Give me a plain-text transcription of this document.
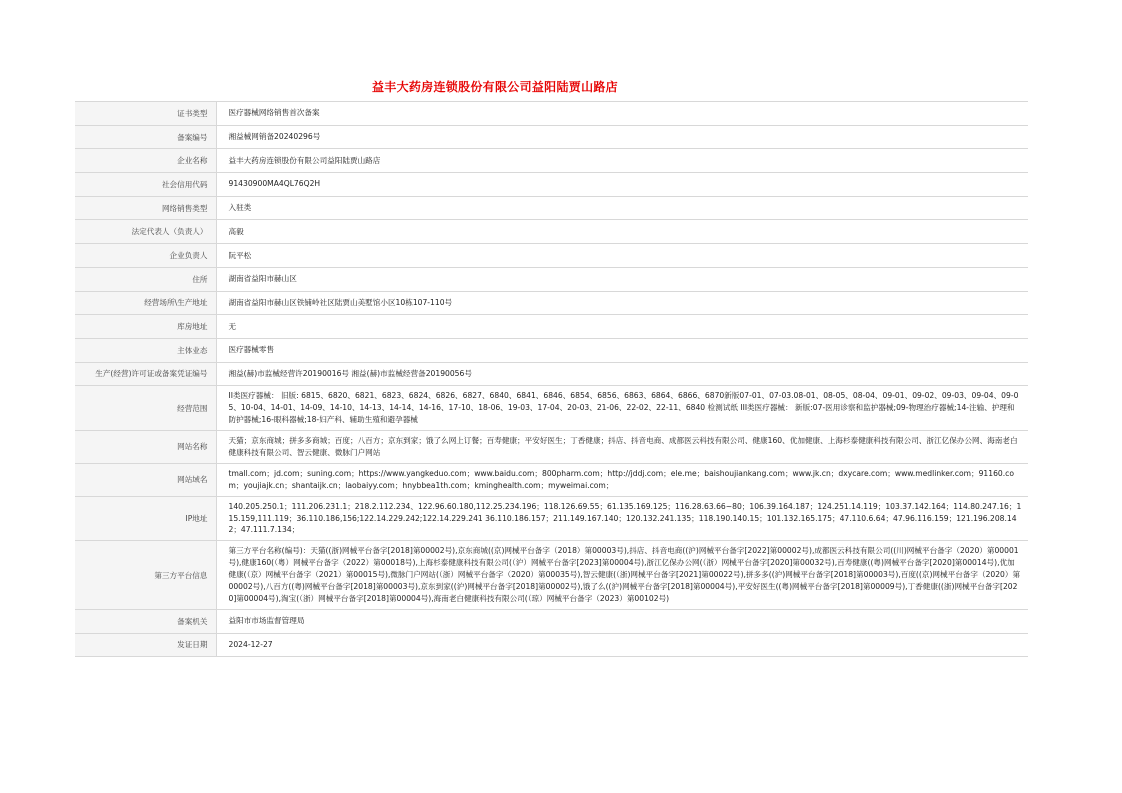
益丰大药房连锁股份有限公司益阳陆贾山路店
证书类型	医疗器械网络销售首次备案
备案编号	湘益械网销备20240296号
企业名称	益丰大药房连锁股份有限公司益阳陆贾山路店
社会信用代码	91430900MA4QL76Q2H
网络销售类型	入驻类
法定代表人（负责人）	高毅
企业负责人	阮平松
住所	湖南省益阳市赫山区
经营场所\生产地址	湖南省益阳市赫山区铁铺岭社区陆贾山美墅馆小区10栋107-110号
库房地址	无
主体业态	医疗器械零售
生产(经营)许可证或备案凭证编号	湘益(赫)市监械经营许20190016号 湘益(赫)市监械经营备20190056号
经营范围	II类医疗器械： 旧版: 6815、6820、6821、6823、6824、6826、6827、6840、6841、6846、6854、6856、6863、6864、6866、6870新版07-01、07-03.08-01、08-05、08-04、09-01、09-02、09-03、09-04、09-05、10-04、14-01、14-09、14-10、14-13、14-14、14-16、17-10、18-06、19-03、17-04、20-03、21-06、22-02、22-11、6840 检测试纸 III类医疗器械： 新版:07-医用诊察和监护器械;09-物理治疗器械;14-注输、护理和防护器械;16-眼科器械;18-妇产科、辅助生殖和避孕器械
网站名称	天猫；京东商城；拼多多商城；百度；八百方；京东到家；饿了么网上订餐；百寿健康；平安好医生；丁香健康；抖店、抖音电商、成都医云科技有限公司、健康160、优加健康、上海杉泰健康科技有限公司、浙江亿保办公网、海南老白健康科技有限公司、智云健康、微脉门户网站
网站域名	tmall.com；jd.com；suning.com；https://www.yangkeduo.com；www.baidu.com；800pharm.com；http://jddj.com；ele.me；baishoujiankang.com；www.jk.cn；dxycare.com；www.medlinker.com；91160.com；youjiajk.cn；shantaijk.cn；laobaiyy.com；hnybbea1th.com；kminghealth.com；myweimai.com；
IP地址	140.205.250.1；111.206.231.1；218.2.112.234、122.96.60.180,112.25.234.196；118.126.69.55；61.135.169.125；116.28.63.66~80；106.39.164.187；124.251.14.119；103.37.142.164；114.80.247.16；115.159,111.119；36.110.186,156;122.14.229.242;122.14.229.241 36.110.186.157；211.149.167.140；120.132.241.135；118.190.140.15；101.132.165.175；47.110.6.64；47.96.116.159；121.196.208.142；47.111.7.134；
第三方平台信息	第三方平台名称(编号)：天猫((浙)网械平台备字[2018]第00002号),京东商城((京)网械平台备字（2018）第00003号),抖店、抖音电商((沪)网械平台备字[2022]第00002号),成都医云科技有限公司((川)网械平台备字（2020）第00001号),健康160(（粤）网械平台备字（2022）第00018号),上海杉泰健康科技有限公司(（沪）网械平台备字[2023]第00004号),浙江亿保办公网(（浙）网械平台备字[2020]第00032号),百寿健康((粤)网械平台备字[2020]第00014号),优加健康(（京）网械平台备字（2021）第00015号),微脉门户网站(（浙）网械平台备字（2020）第00035号),智云健康(（浙)网械平台备字[2021]第00022号),拼多多((沪)网械平台备字[2018]第00003号),百度((京)网械平台备字（2020）第00002号),八百方((粤)网械平台备字[2018]第00003号),京东到家((沪)网械平台备字[2018]第00002号),饿了么((沪)网械平台备字[2018]第00004号),平安好医生((粤)网械平台备字[2018]第00009号),丁香健康((浙)网械平台备字[2020]第00004号),淘宝(（浙）网械平台备字[2018]第00004号),海南老白健康科技有限公司(（琼）网械平台备字（2023）第00102号)
备案机关	益阳市市场监督管理局
发证日期	2024-12-27
